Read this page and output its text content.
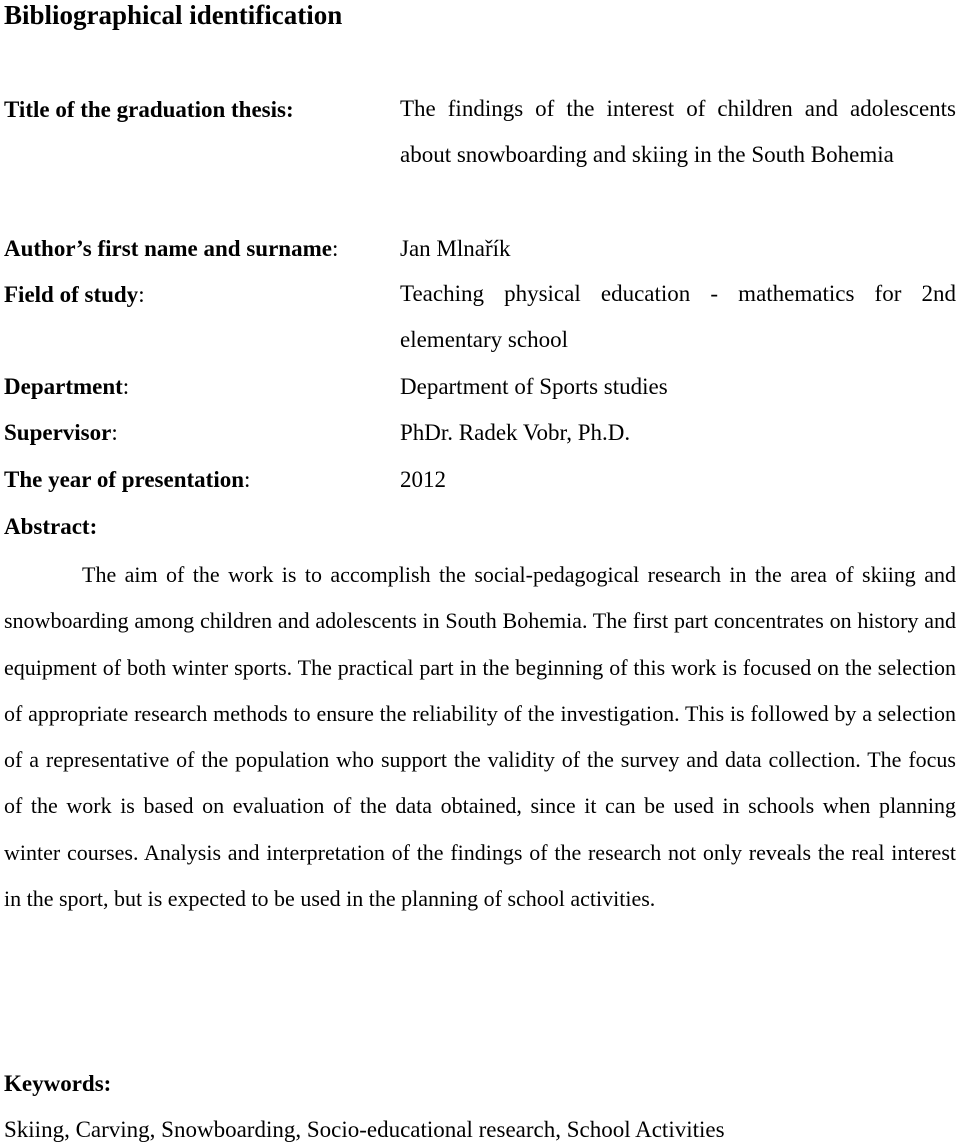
Bibliographical identification
Title of the graduation thesis:	The findings of the interest of children and adolescents about snowboarding and skiing in the South Bohemia
Author’s first name and surname:	Jan Mlnařík
Field of study:	Teaching physical education - mathematics for 2nd elementary school
Department:	Department of Sports studies
Supervisor:	PhDr. Radek Vobr, Ph.D.
The year of presentation:	2012
Abstract:

The aim of the work is to accomplish the social-pedagogical research in the area of skiing and snowboarding among children and adolescents in South Bohemia. The first part concentrates on history and equipment of both winter sports. The practical part in the beginning of this work is focused on the selection of appropriate research methods to ensure the reliability of the investigation. This is followed by a selection of a representative of the population who support the validity of the survey and data collection. The focus of the work is based on evaluation of the data obtained, since it can be used in schools when planning winter courses. Analysis and interpretation of the findings of the research not only reveals the real interest in the sport, but is expected to be used in the planning of school activities.

Keywords:
Skiing, Carving, Snowboarding, Socio-educational research, School Activities
